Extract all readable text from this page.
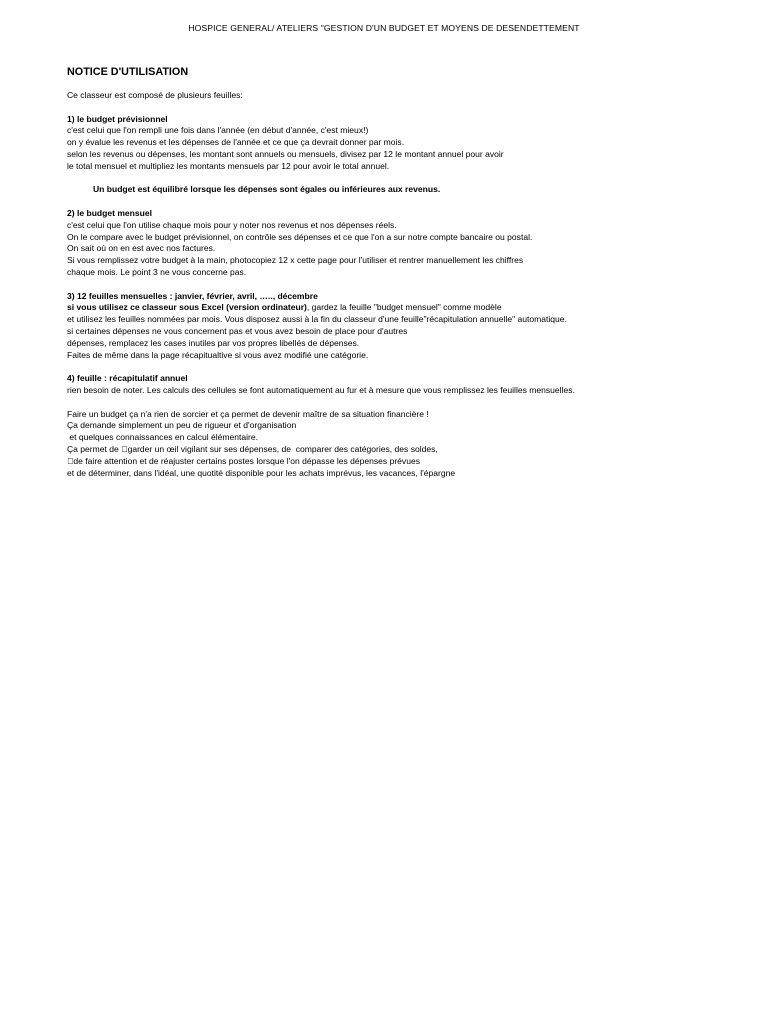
HOSPICE GENERAL/ ATELIERS "GESTION D'UN BUDGET ET MOYENS DE DESENDETTEMENT
NOTICE D'UTILISATION
Ce classeur est composé de plusieurs feuilles:
1) le budget prévisionnel
c'est celui que l'on rempli une fois dans l'année (en début d'année, c'est mieux!)
on y évalue les revenus et les dépenses de l'année et ce que ça devrait donner par mois.
selon les revenus ou dépenses, les montant sont annuels ou mensuels, divisez par 12 le montant annuel pour avoir
le total mensuel et multipliez les montants mensuels par 12 pour avoir le total annuel.
Un budget est équilibré lorsque les dépenses sont égales ou inférieures aux revenus.
2) le budget mensuel
c'est celui que l'on utilise chaque mois pour y noter nos revenus et nos dépenses réels.
On le compare avec le budget prévisionnel, on contrôle ses dépenses et ce que l'on a sur notre compte bancaire ou postal.
On sait où on en est avec nos factures.
Si vous remplissez votre budget à la main, photocopiez 12 x cette page pour l'utiliser et rentrer manuellement les chiffres
chaque mois. Le point 3 ne vous concerne pas.
3) 12 feuilles mensuelles : janvier, février, avril, ….., décembre
si vous utilisez ce classeur sous Excel (version ordinateur), gardez la feuille "budget mensuel" comme modèle
et utilisez les feuilles nommées par mois. Vous disposez aussi à la fin du classeur d'une feuille"récapitulation annuelle" automatique.
si certaines dépenses ne vous concernent pas et vous avez besoin de place pour d'autres
dépenses, remplacez les cases inutiles par vos propres libellés de dépenses.
Faites de même dans la page récapitualtive si vous avez modifié une catégorie.
4) feuille : récapitulatif annuel
rien besoin de noter. Les calculs des cellules se font automatiquement au fur et à mesure que vous remplissez les feuilles mensuelles.
Faire un budget ça n'a rien de sorcier et ça permet de devenir maître de sa situation financière !
Ça demande simplement un peu de rigueur et d'organisation
et quelques connaissances en calcul élémentaire.
Ça permet de  garder un œil vigilant sur ses dépenses, de  comparer des catégories, des soldes,
 de faire attention et de réajuster certains postes lorsque l'on dépasse les dépenses prévues
et de déterminer, dans l'idéal, une quotité disponible pour les achats imprévus, les vacances, l'épargne
